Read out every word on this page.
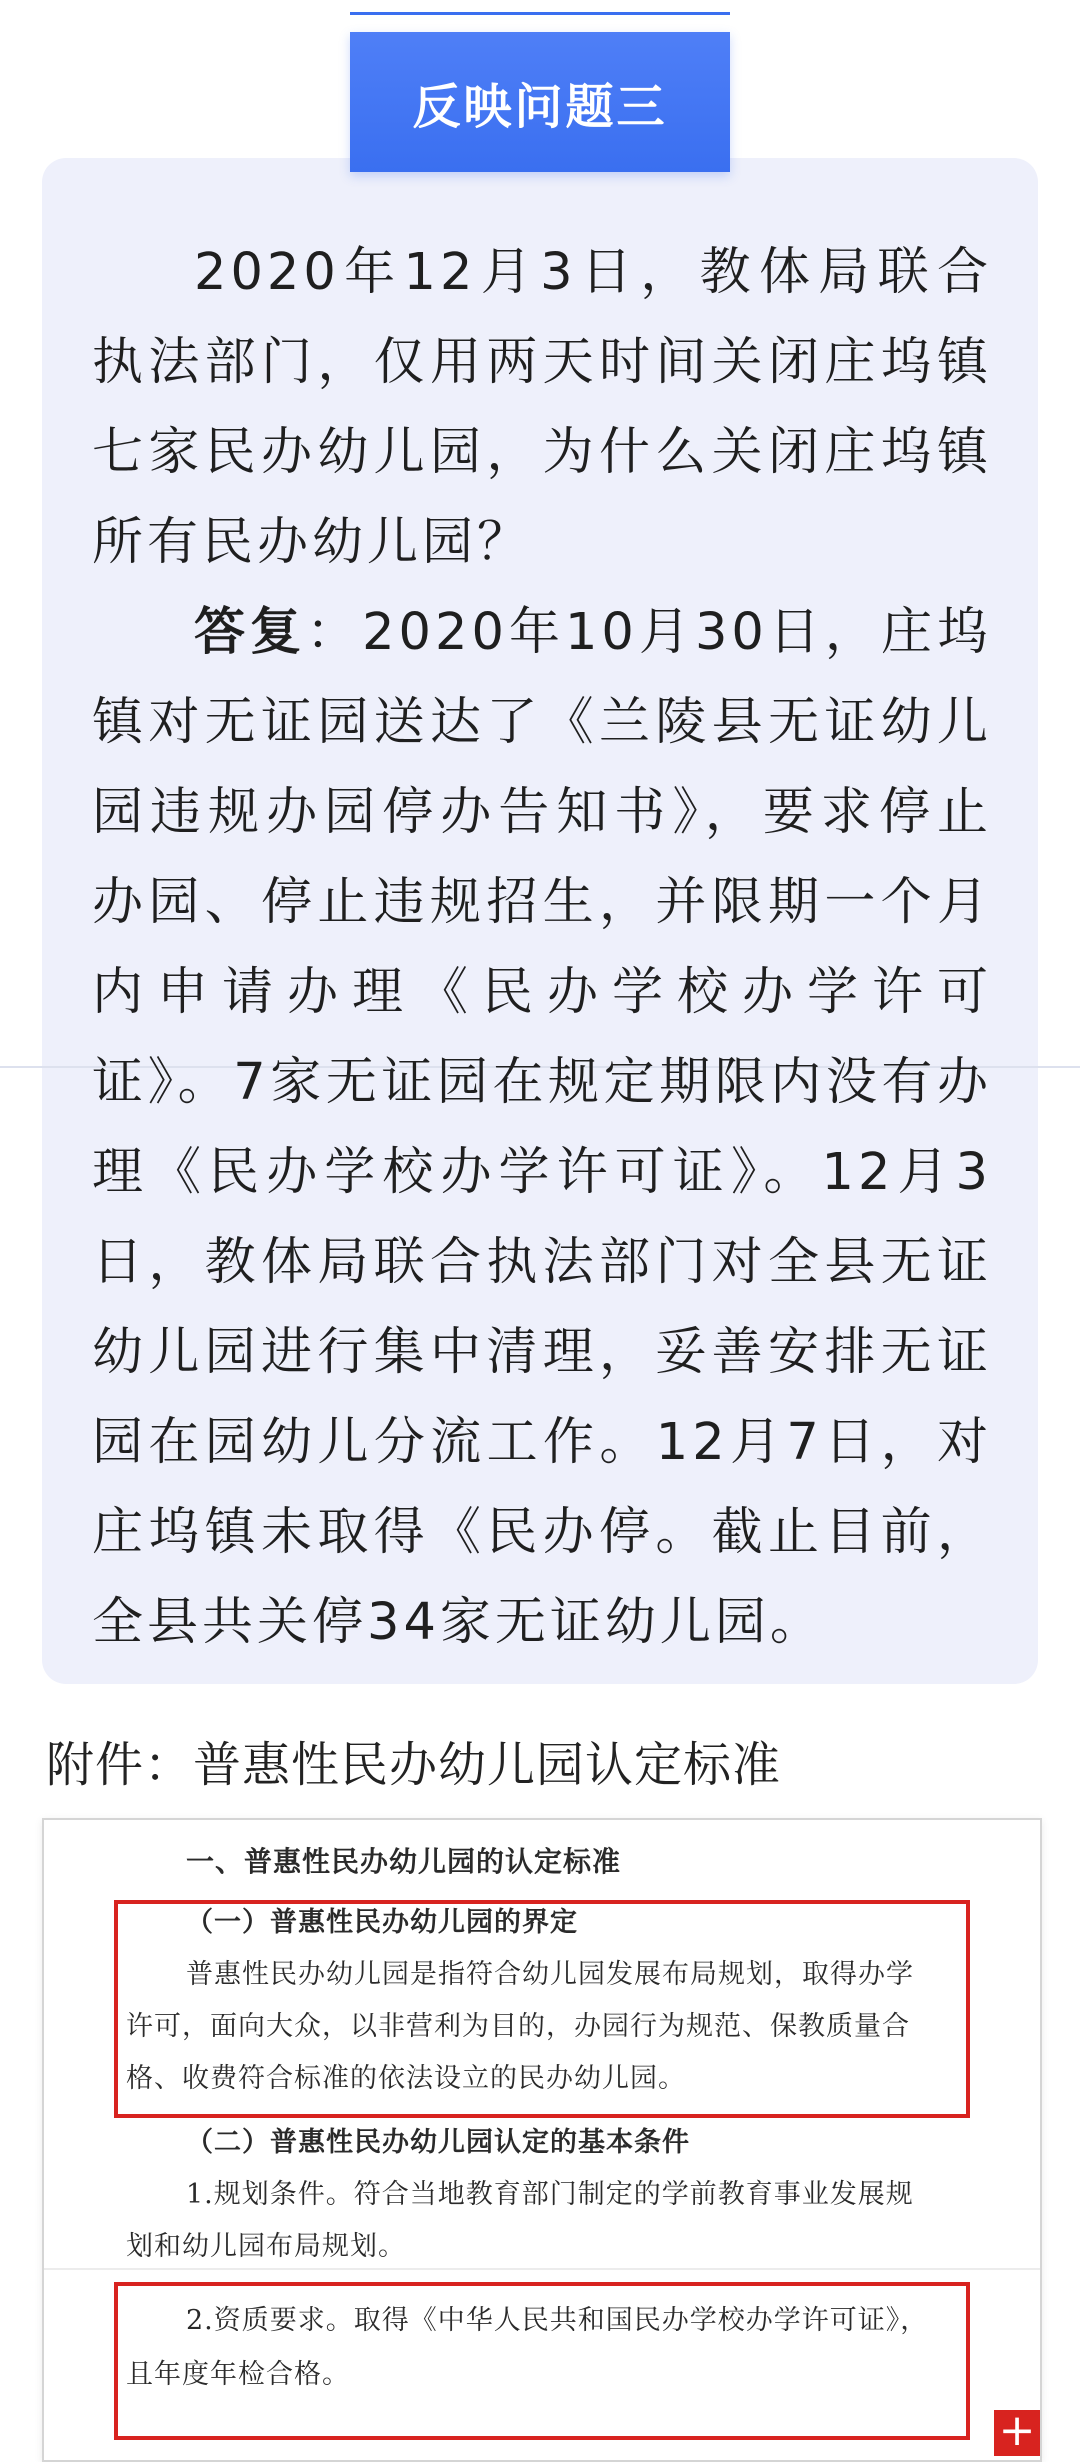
反映问题三

2020年12月3日，教体局联合执法部门，仅用两天时间关闭庄坞镇七家民办幼儿园，为什么关闭庄坞镇所有民办幼儿园？

答复：2020年10月30日，庄坞镇对无证园送达了《兰陵县无证幼儿园违规办园停办告知书》，要求停止办园、停止违规招生，并限期一个月内申请办理《民办学校办学许可证》。7家无证园在规定期限内没有办理《民办学校办学许可证》。12月3日，教体局联合执法部门对全县无证幼儿园进行集中清理，妥善安排无证园在园幼儿分流工作。12月7日，对庄坞镇未取得《民办停。截止目前，全县共关停34家无证幼儿园。

附件：普惠性民办幼儿园认定标准
一、普惠性民办幼儿园的认定标准
（一）普惠性民办幼儿园的界定
普惠性民办幼儿园是指符合幼儿园发展布局规划，取得办学
许可，面向大众，以非营利为目的，办园行为规范、保教质量合
格、收费符合标准的依法设立的民办幼儿园。
（二）普惠性民办幼儿园认定的基本条件
1.规划条件。符合当地教育部门制定的学前教育事业发展规
划和幼儿园布局规划。
2.资质要求。取得《中华人民共和国民办学校办学许可证》，
且年度年检合格。
+
